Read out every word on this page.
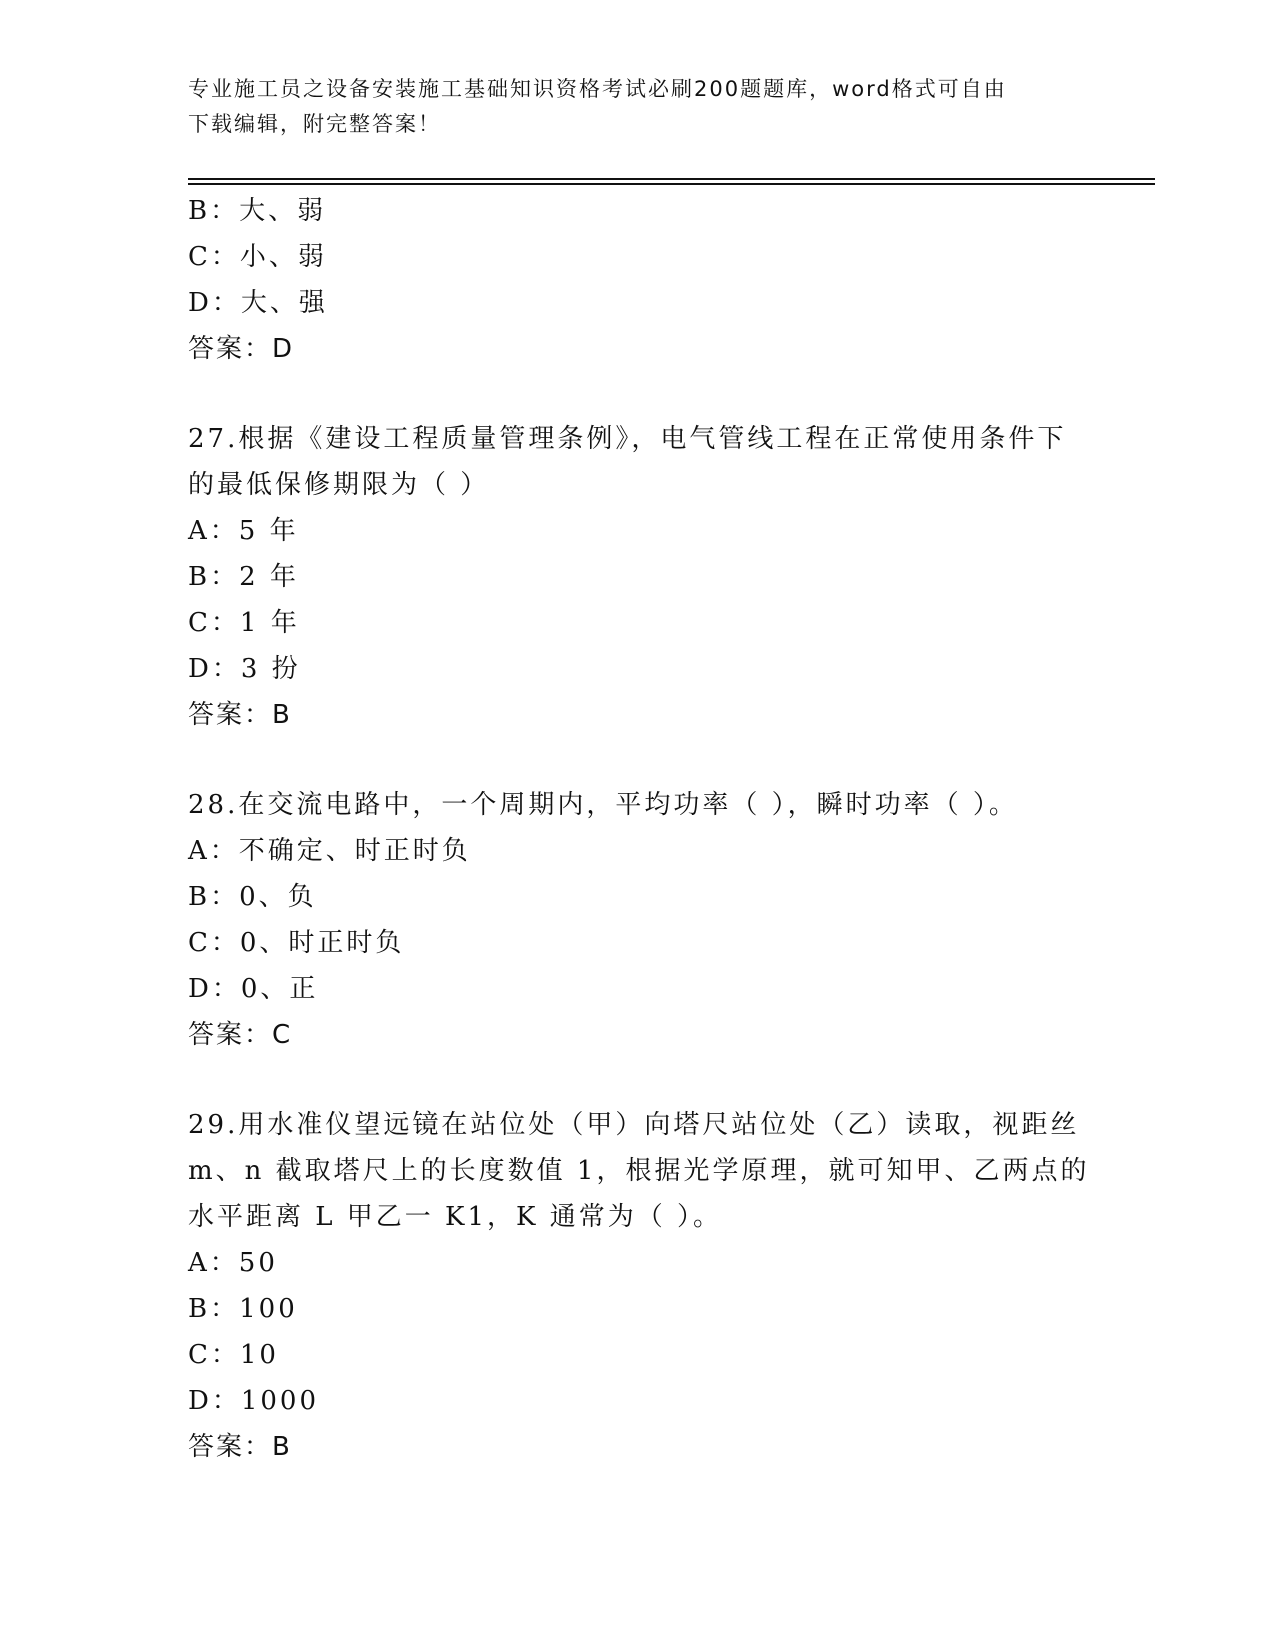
专业施工员之设备安装施工基础知识资格考试必刷200题题库，word格式可自由
下载编辑，附完整答案！
B：大、弱
C：小、弱
D：大、强
答案：D
27.根据《建设工程质量管理条例》，电气管线工程在正常使用条件下
的最低保修期限为（ ）
A：5 年
B：2 年
C：1 年
D：3 扮
答案：B
28.在交流电路中，一个周期内，平均功率（ ），瞬时功率（ ）。
A：不确定、时正时负
B：0、负
C：0、时正时负
D：0、正
答案：C
29.用水准仪望远镜在站位处（甲）向塔尺站位处（乙）读取，视距丝
m、n 截取塔尺上的长度数值 1，根据光学原理，就可知甲、乙两点的
水平距离 L 甲乙一 K1，K 通常为（ ）。
A：50
B：100
C：10
D：1000
答案：B
